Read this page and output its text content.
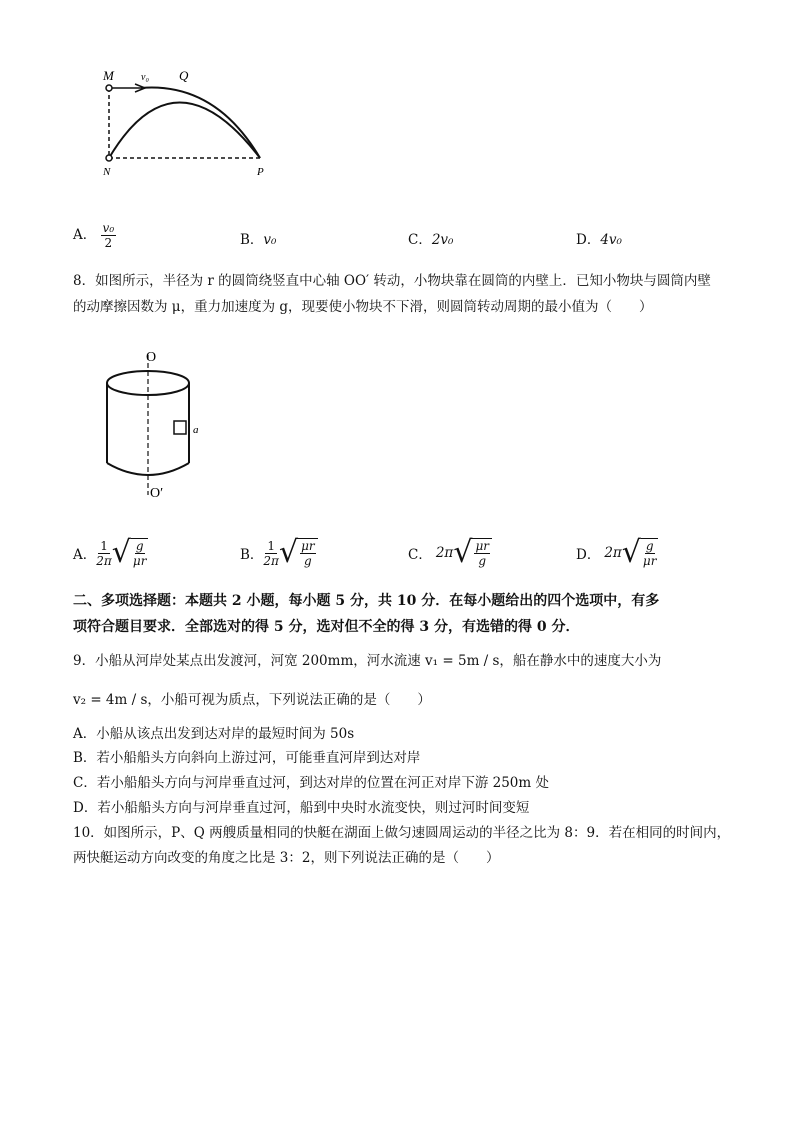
M
N	P
Q
v₀
A． $\frac{\text{v₀}}{2}$	B．v₀	C．2v₀	D．4v₀
8．如图所示，半径为 r 的圆筒绕竖直中心轴 OO′ 转动，小物块靠在圆筒的内壁上．已知小物块与圆筒内壁
的动摩擦因数为 μ，重力加速度为 g，现要使小物块不下滑，则圆筒转动周期的最小值为（　　）
O
O′
a
A． $\frac{1}{2\pi}$ √ $\frac{g}{\mu r}$	B． $\frac{1}{2\pi}$ √ $\frac{\mu r}{g}$	C． 2π √ $\frac{\mu r}{g}$	D． 2π √ $\frac{g}{\mu r}$
二、多项选择题：本题共 2 小题，每小题 5 分，共 10 分．在每小题给出的四个选项中，有多
项符合题目要求．全部选对的得 5 分，选对但不全的得 3 分，有选错的得 0 分．
9．小船从河岸处某点出发渡河，河宽 200mm，河水流速 v₁ = 5m / s，船在静水中的速度大小为
v₂ = 4m / s，小船可视为质点，下列说法正确的是（　　）
A．小船从该点出发到达对岸的最短时间为 50s
B．若小船船头方向斜向上游过河，可能垂直河岸到达对岸
C．若小船船头方向与河岸垂直过河，到达对岸的位置在河正对岸下游 250m 处
D．若小船船头方向与河岸垂直过河，船到中央时水流变快，则过河时间变短
10．如图所示，P、Q 两艘质量相同的快艇在湖面上做匀速圆周运动的半径之比为 8：9．若在相同的时间内，
两快艇运动方向改变的角度之比是 3：2，则下列说法正确的是（　　）
